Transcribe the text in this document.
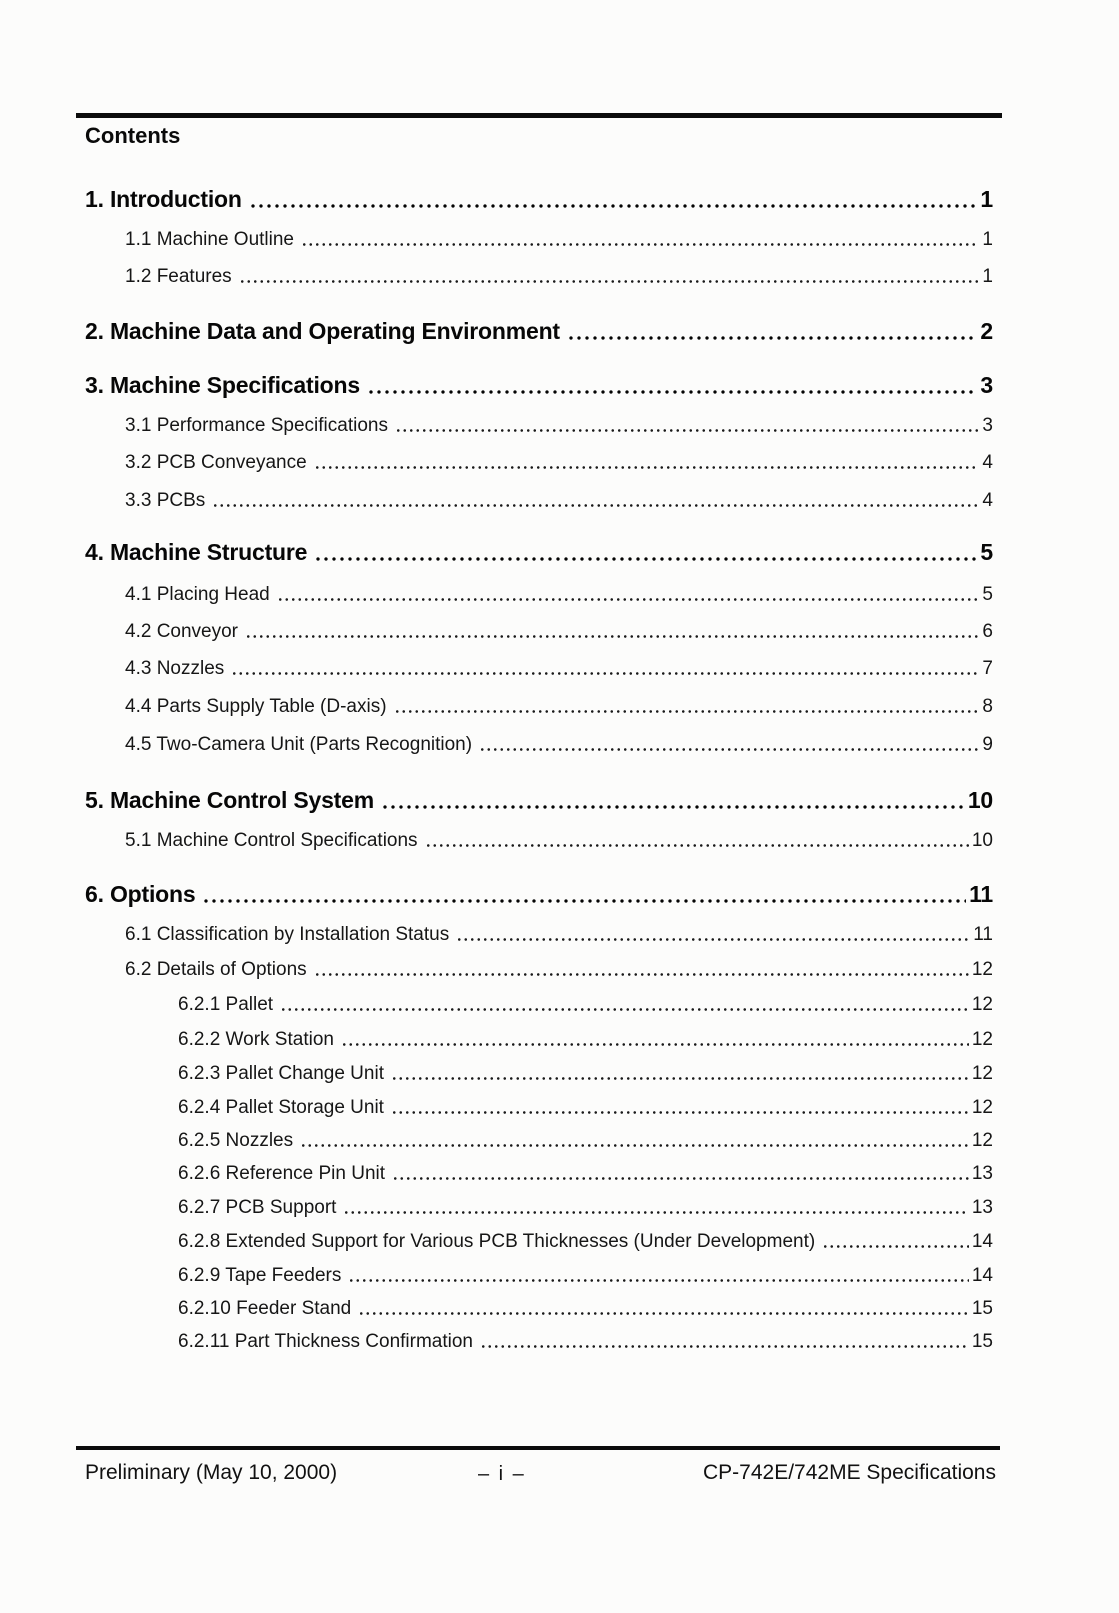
Contents
1. Introduction	1
1.1 Machine Outline	1
1.2 Features	1
2. Machine Data and Operating Environment	2
3. Machine Specifications	3
3.1 Performance Specifications	3
3.2 PCB Conveyance	4
3.3 PCBs	4
4. Machine Structure	5
4.1 Placing Head	5
4.2 Conveyor	6
4.3 Nozzles	7
4.4 Parts Supply Table (D-axis)	8
4.5 Two-Camera Unit (Parts Recognition)	9
5. Machine Control System	10
5.1 Machine Control Specifications	10
6. Options	11
6.1 Classification by Installation Status	11
6.2 Details of Options	12
6.2.1 Pallet	12
6.2.2 Work Station	12
6.2.3 Pallet Change Unit	12
6.2.4 Pallet Storage Unit	12
6.2.5 Nozzles	12
6.2.6 Reference Pin Unit	13
6.2.7 PCB Support	13
6.2.8 Extended Support for Various PCB Thicknesses (Under Development)	14
6.2.9 Tape Feeders	14
6.2.10 Feeder Stand	15
6.2.11 Part Thickness Confirmation	15
Preliminary (May 10, 2000)	– i –	CP-742E/742ME Specifications
